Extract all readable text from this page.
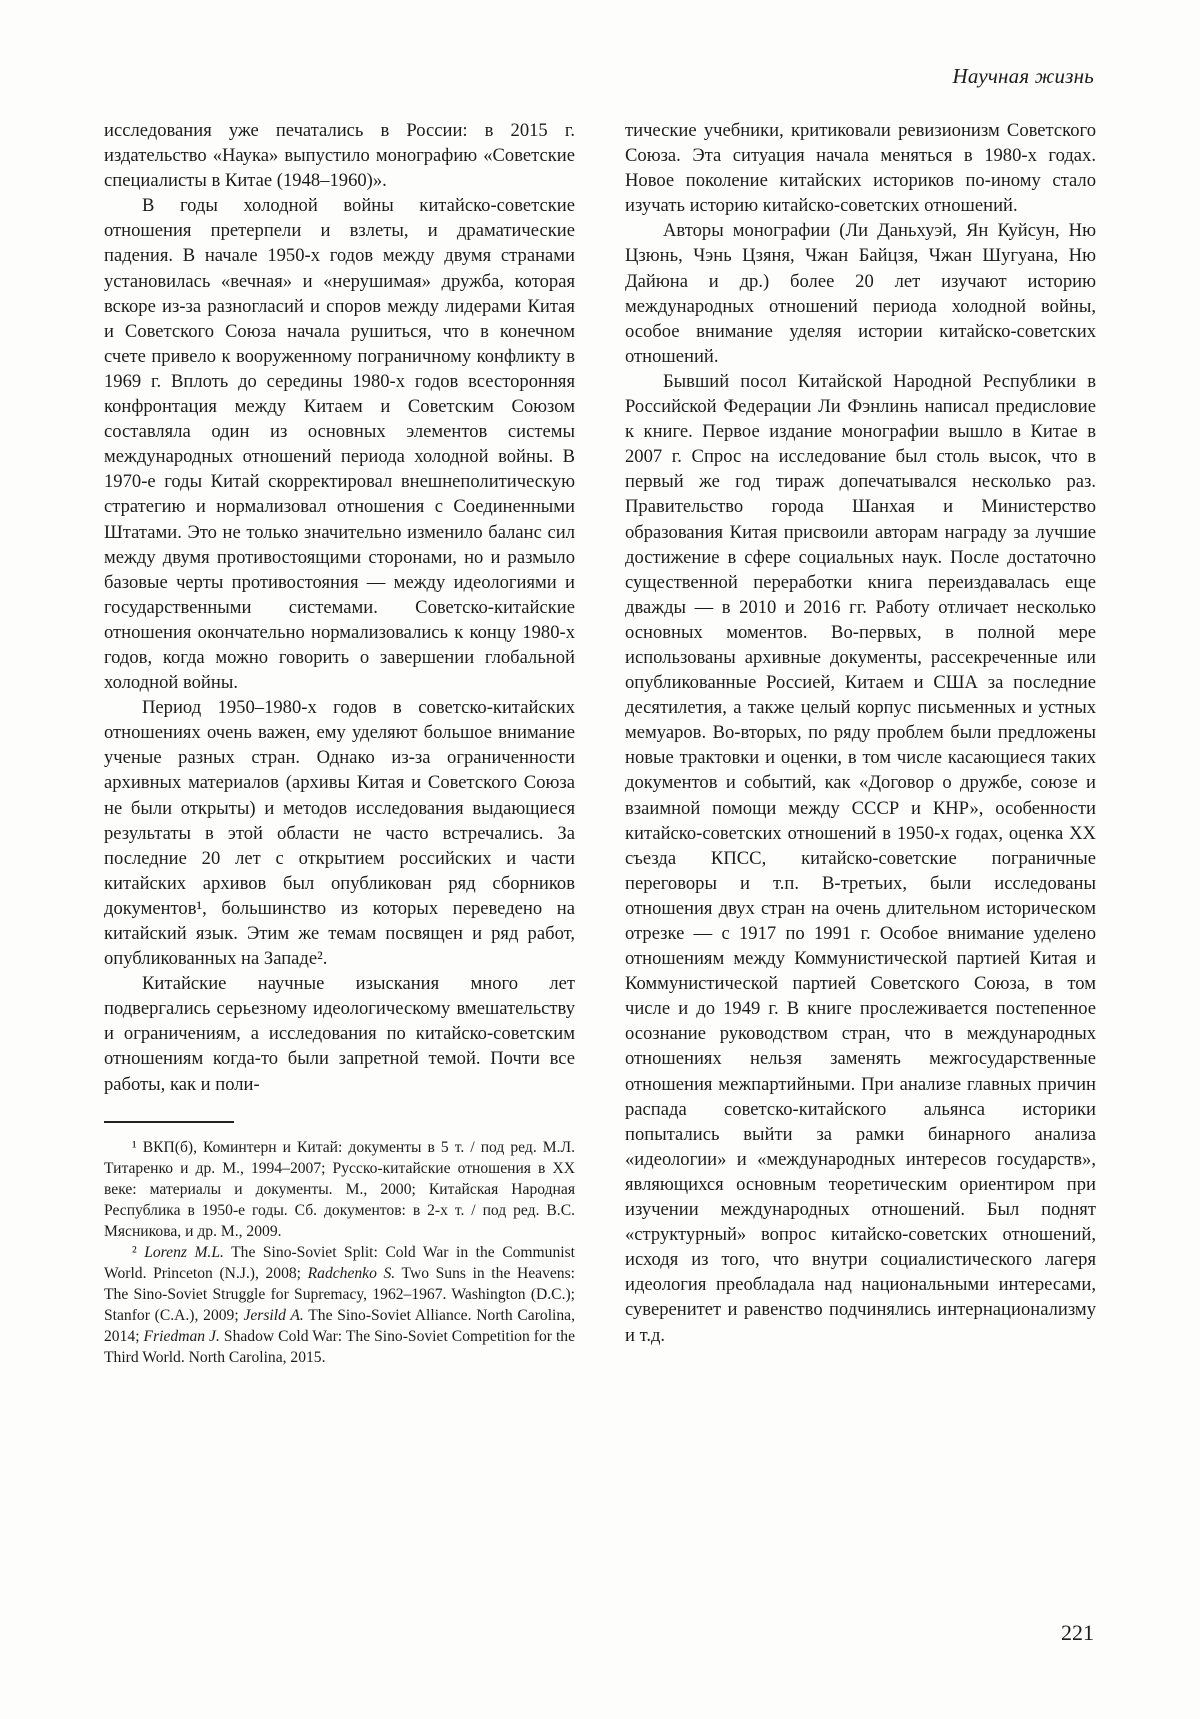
Научная жизнь

исследования уже печатались в России: в 2015 г. издательство «Наука» выпустило монографию «Советские специалисты в Китае (1948–1960)».

В годы холодной войны китайско-советские отношения претерпели и взлеты, и драматические падения. В начале 1950-х годов между двумя странами установилась «вечная» и «нерушимая» дружба, которая вскоре из-за разногласий и споров между лидерами Китая и Советского Союза начала рушиться, что в конечном счете привело к вооруженному пограничному конфликту в 1969 г. Вплоть до середины 1980-х годов всесторонняя конфронтация между Китаем и Советским Союзом составляла один из основных элементов системы международных отношений периода холодной войны. В 1970-е годы Китай скорректировал внешнеполитическую стратегию и нормализовал отношения с Соединенными Штатами. Это не только значительно изменило баланс сил между двумя противостоящими сторонами, но и размыло базовые черты противостояния — между идеологиями и государственными системами. Советско-китайские отношения окончательно нормализовались к концу 1980-х годов, когда можно говорить о завершении глобальной холодной войны.

Период 1950–1980-х годов в советско-китайских отношениях очень важен, ему уделяют большое внимание ученые разных стран. Однако из-за ограниченности архивных материалов (архивы Китая и Советского Союза не были открыты) и методов исследования выдающиеся результаты в этой области не часто встречались. За последние 20 лет с открытием российских и части китайских архивов был опубликован ряд сборников документов¹, большинство из которых переведено на китайский язык. Этим же темам посвящен и ряд работ, опубликованных на Западе².

Китайские научные изыскания много лет подвергались серьезному идеологическому вмешательству и ограничениям, а исследования по китайско-советским отношениям когда-то были запретной темой. Почти все работы, как и поли-

¹ ВКП(б), Коминтерн и Китай: документы в 5 т. / под ред. М.Л. Титаренко и др. М., 1994–2007; Русско-китайские отношения в XX веке: материалы и документы. М., 2000; Китайская Народная Республика в 1950-е годы. Сб. документов: в 2-х т. / под ред. В.С. Мясникова, и др. М., 2009.

² Lorenz M.L. The Sino-Soviet Split: Cold War in the Communist World. Princeton (N.J.), 2008; Radchenko S. Two Suns in the Heavens: The Sino-Soviet Struggle for Supremacy, 1962–1967. Washington (D.C.); Stanfor (C.A.), 2009; Jersild A. The Sino-Soviet Alliance. North Carolina, 2014; Friedman J. Shadow Cold War: The Sino-Soviet Competition for the Third World. North Carolina, 2015.

тические учебники, критиковали ревизионизм Советского Союза. Эта ситуация начала меняться в 1980-х годах. Новое поколение китайских историков по-иному стало изучать историю китайско-советских отношений.

Авторы монографии (Ли Даньхуэй, Ян Куйсун, Ню Цзюнь, Чэнь Цзяня, Чжан Байцзя, Чжан Шугуана, Ню Дайюна и др.) более 20 лет изучают историю международных отношений периода холодной войны, особое внимание уделяя истории китайско-советских отношений.

Бывший посол Китайской Народной Республики в Российской Федерации Ли Фэнлинь написал предисловие к книге. Первое издание монографии вышло в Китае в 2007 г. Спрос на исследование был столь высок, что в первый же год тираж допечатывался несколько раз. Правительство города Шанхая и Министерство образования Китая присвоили авторам награду за лучшие достижение в сфере социальных наук. После достаточно существенной переработки книга переиздавалась еще дважды — в 2010 и 2016 гг. Работу отличает несколько основных моментов. Во-первых, в полной мере использованы архивные документы, рассекреченные или опубликованные Россией, Китаем и США за последние десятилетия, а также целый корпус письменных и устных мемуаров. Во-вторых, по ряду проблем были предложены новые трактовки и оценки, в том числе касающиеся таких документов и событий, как «Договор о дружбе, союзе и взаимной помощи между СССР и КНР», особенности китайско-советских отношений в 1950-х годах, оценка XX съезда КПСС, китайско-советские пограничные переговоры и т.п. В-третьих, были исследованы отношения двух стран на очень длительном историческом отрезке — с 1917 по 1991 г. Особое внимание уделено отношениям между Коммунистической партией Китая и Коммунистической партией Советского Союза, в том числе и до 1949 г. В книге прослеживается постепенное осознание руководством стран, что в международных отношениях нельзя заменять межгосударственные отношения межпартийными. При анализе главных причин распада советско-китайского альянса историки попытались выйти за рамки бинарного анализа «идеологии» и «международных интересов государств», являющихся основным теоретическим ориентиром при изучении международных отношений. Был поднят «структурный» вопрос китайско-советских отношений, исходя из того, что внутри социалистического лагеря идеология преобладала над национальными интересами, суверенитет и равенство подчинялись интернационализму и т.д.

221
